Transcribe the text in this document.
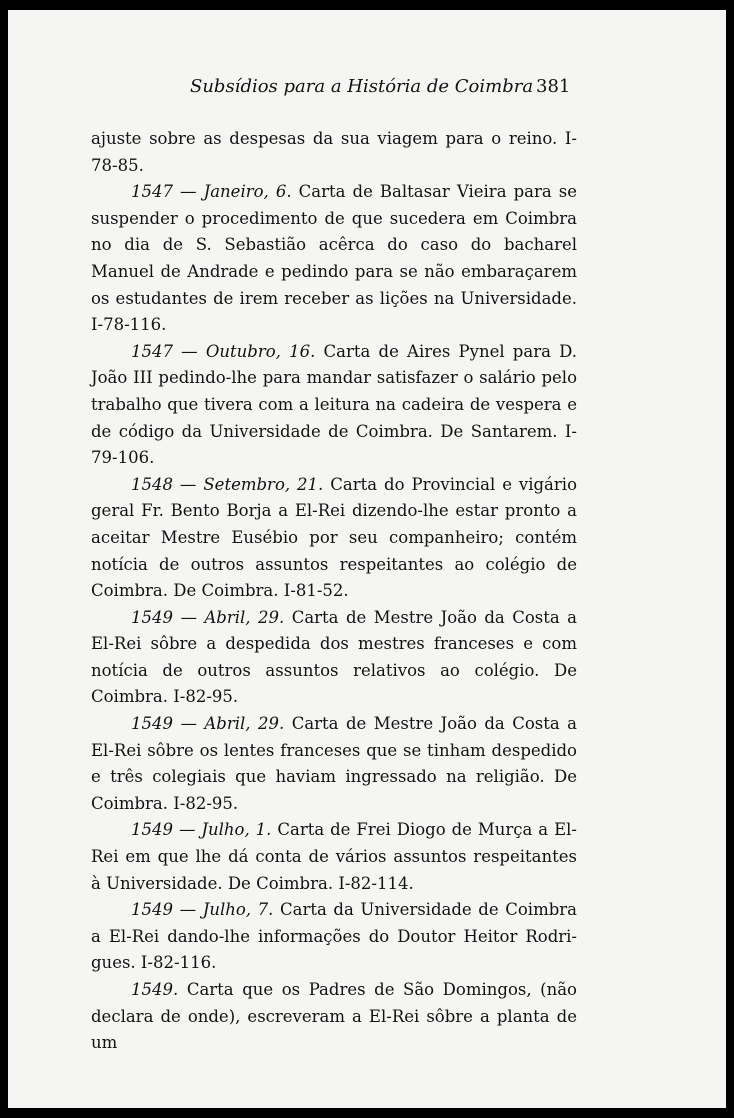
Subsídios para a História de Coimbra 381

ajuste sobre as despesas da sua viagem para o reino. I-78-85.

1547 — Janeiro, 6. Carta de Baltasar Vieira para se suspender o procedimento de que sucedera em Coimbra no dia de S. Sebastião acêrca do caso do bacharel Manuel de Andrade e pedindo para se não embaraçarem os estudantes de irem receber as lições na Universidade. I-78-116.

1547 — Outubro, 16. Carta de Aires Pynel para D. João III pedindo-lhe para mandar satisfazer o salário pelo trabalho que tivera com a leitura na cadeira de vespera e de código da Universidade de Coimbra. De Santarem. I-79-106.

1548 — Setembro, 21. Carta do Provincial e vigário geral Fr. Bento Borja a El-Rei dizendo-lhe estar pronto a aceitar Mestre Eusébio por seu companheiro; contém notícia de outros assuntos respeitantes ao colégio de Coimbra. De Coimbra. I-81-52.

1549 — Abril, 29. Carta de Mestre João da Costa a El-Rei sôbre a despedida dos mestres franceses e com notícia de outros assuntos relativos ao colégio. De Coimbra. I-82-95.

1549 — Abril, 29. Carta de Mestre João da Costa a El-Rei sôbre os lentes franceses que se tinham despedido e três colegiais que haviam ingressado na religião. De Coimbra. I-82-95.

1549 — Julho, 1. Carta de Frei Diogo de Murça a El-Rei em que lhe dá conta de vários assuntos respeitantes à Universidade. De Coimbra. I-82-114.

1549 — Julho, 7. Carta da Universidade de Coimbra a El-Rei dando-lhe informações do Doutor Heitor Rodrigues. I-82-116.

1549. Carta que os Padres de São Domingos, (não declara de onde), escreveram a El-Rei sôbre a planta de um
